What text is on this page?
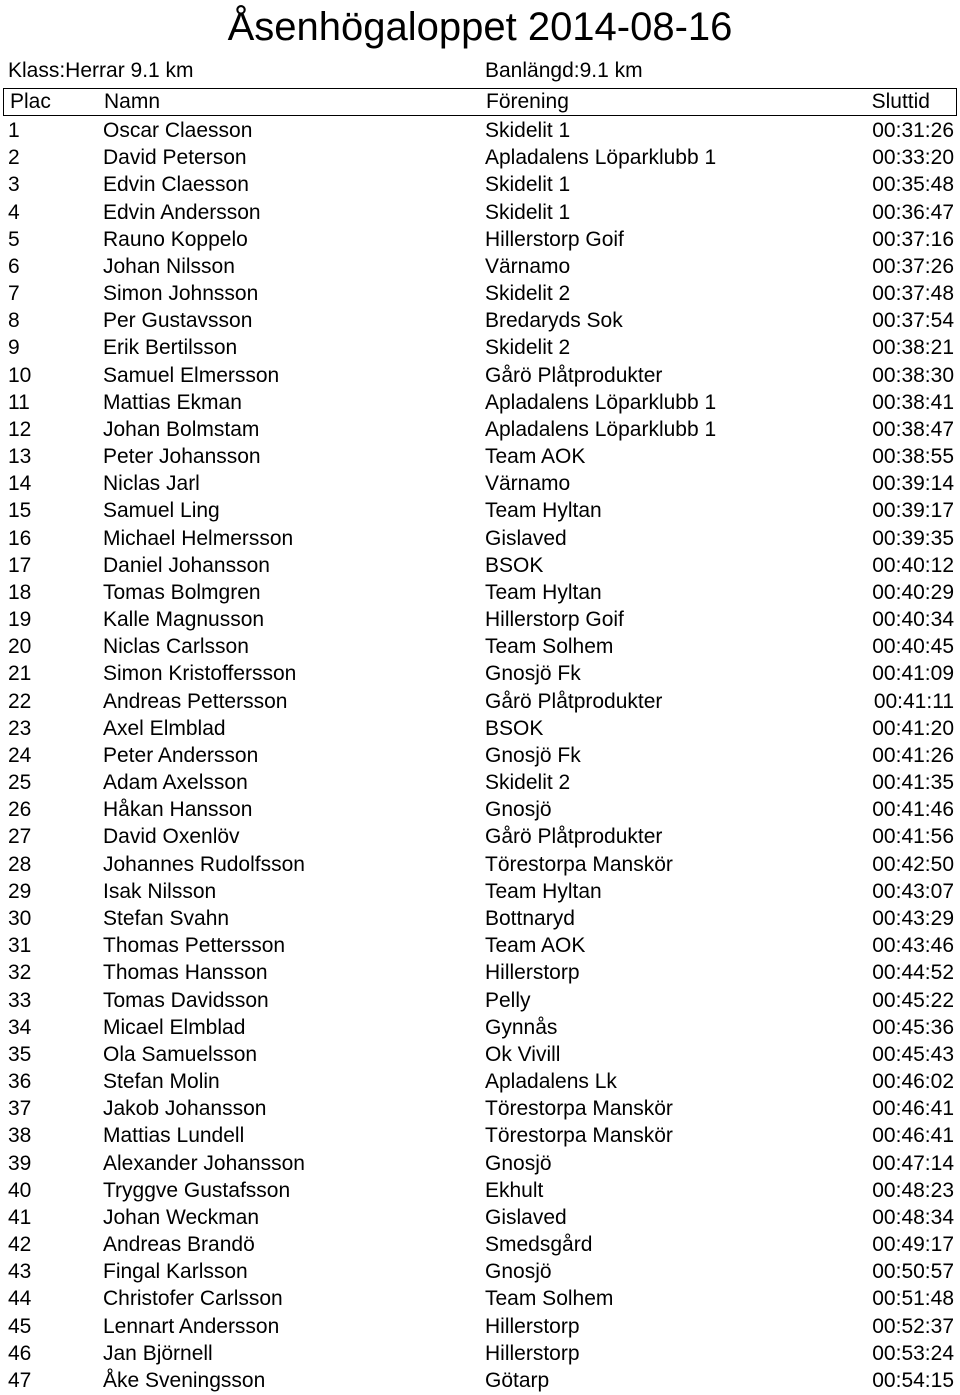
Åsenhögaloppet 2014-08-16
Klass:Herrar 9.1 km	Banlängd:9.1 km
Plac	Namn	Förening	Sluttid
1	Oscar Claesson	Skidelit 1	00:31:26
2	David Peterson	Apladalens Löparklubb 1	00:33:20
3	Edvin Claesson	Skidelit 1	00:35:48
4	Edvin Andersson	Skidelit 1	00:36:47
5	Rauno Koppelo	Hillerstorp Goif	00:37:16
6	Johan Nilsson	Värnamo	00:37:26
7	Simon Johnsson	Skidelit 2	00:37:48
8	Per Gustavsson	Bredaryds Sok	00:37:54
9	Erik Bertilsson	Skidelit 2	00:38:21
10	Samuel Elmersson	Gårö Plåtprodukter	00:38:30
11	Mattias Ekman	Apladalens Löparklubb 1	00:38:41
12	Johan Bolmstam	Apladalens Löparklubb 1	00:38:47
13	Peter Johansson	Team AOK	00:38:55
14	Niclas Jarl	Värnamo	00:39:14
15	Samuel Ling	Team Hyltan	00:39:17
16	Michael Helmersson	Gislaved	00:39:35
17	Daniel Johansson	BSOK	00:40:12
18	Tomas Bolmgren	Team Hyltan	00:40:29
19	Kalle Magnusson	Hillerstorp Goif	00:40:34
20	Niclas Carlsson	Team Solhem	00:40:45
21	Simon Kristoffersson	Gnosjö Fk	00:41:09
22	Andreas Pettersson	Gårö Plåtprodukter	00:41:11
23	Axel Elmblad	BSOK	00:41:20
24	Peter Andersson	Gnosjö Fk	00:41:26
25	Adam Axelsson	Skidelit 2	00:41:35
26	Håkan Hansson	Gnosjö	00:41:46
27	David Oxenlöv	Gårö Plåtprodukter	00:41:56
28	Johannes Rudolfsson	Törestorpa Manskör	00:42:50
29	Isak Nilsson	Team Hyltan	00:43:07
30	Stefan Svahn	Bottnaryd	00:43:29
31	Thomas Pettersson	Team AOK	00:43:46
32	Thomas Hansson	Hillerstorp	00:44:52
33	Tomas Davidsson	Pelly	00:45:22
34	Micael Elmblad	Gynnås	00:45:36
35	Ola Samuelsson	Ok Vivill	00:45:43
36	Stefan Molin	Apladalens Lk	00:46:02
37	Jakob Johansson	Törestorpa Manskör	00:46:41
38	Mattias Lundell	Törestorpa Manskör	00:46:41
39	Alexander Johansson	Gnosjö	00:47:14
40	Tryggve Gustafsson	Ekhult	00:48:23
41	Johan Weckman	Gislaved	00:48:34
42	Andreas Brandö	Smedsgård	00:49:17
43	Fingal Karlsson	Gnosjö	00:50:57
44	Christofer Carlsson	Team Solhem	00:51:48
45	Lennart Andersson	Hillerstorp	00:52:37
46	Jan Björnell	Hillerstorp	00:53:24
47	Åke Sveningsson	Götarp	00:54:15
